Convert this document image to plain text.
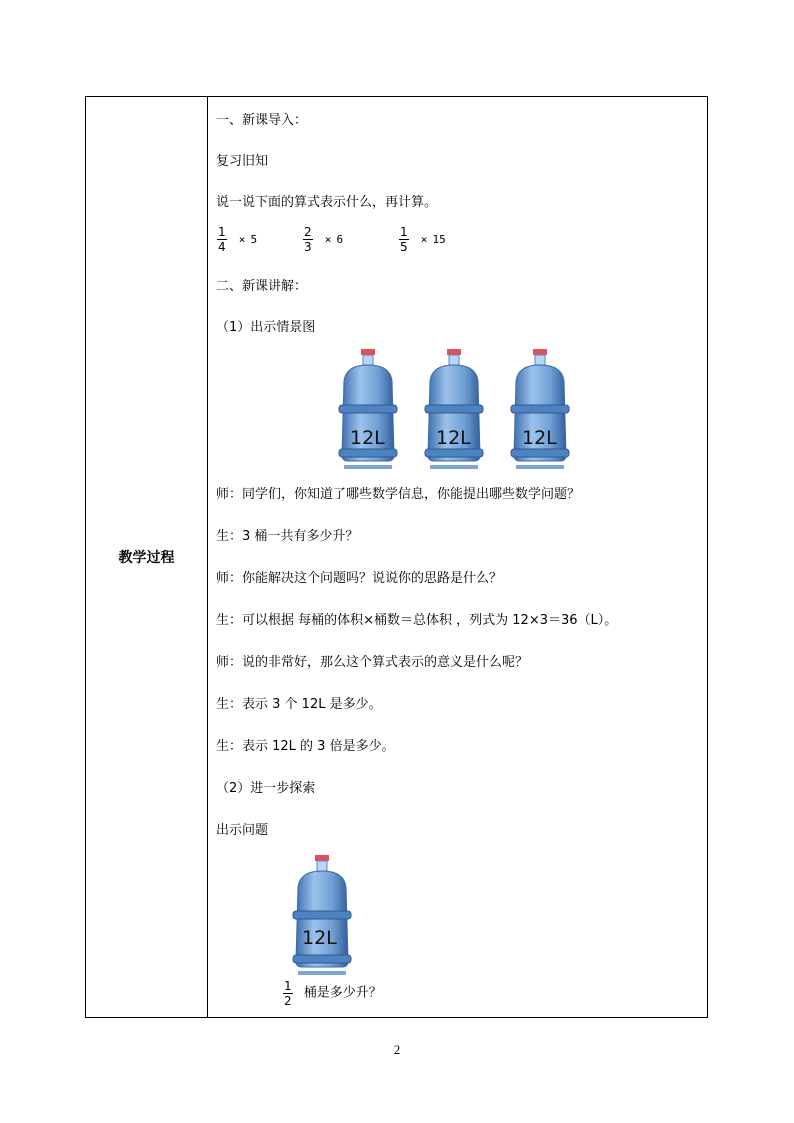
教学过程
一、新课导入：
复习旧知
说一说下面的算式表示什么，再计算。
$\frac{1}{4} \times 5$	$\frac{2}{3} \times 6$	$\frac{1}{5} \times 15$
二、新课讲解：
（1）出示情景图
12L	12L	12L
师：同学们，你知道了哪些数学信息，你能提出哪些数学问题？
生：3 桶一共有多少升？
师：你能解决这个问题吗？说说你的思路是什么？
生：可以根据 每桶的体积×桶数＝总体积 ，列式为 12×3＝36（L）。
师：说的非常好，那么这个算式表示的意义是什么呢？
生：表示 3 个 12L 是多少。
生：表示 12L 的 3 倍是多少。
（2）进一步探索
出示问题
12L
$\frac{1}{2}$ 桶是多少升？
2
